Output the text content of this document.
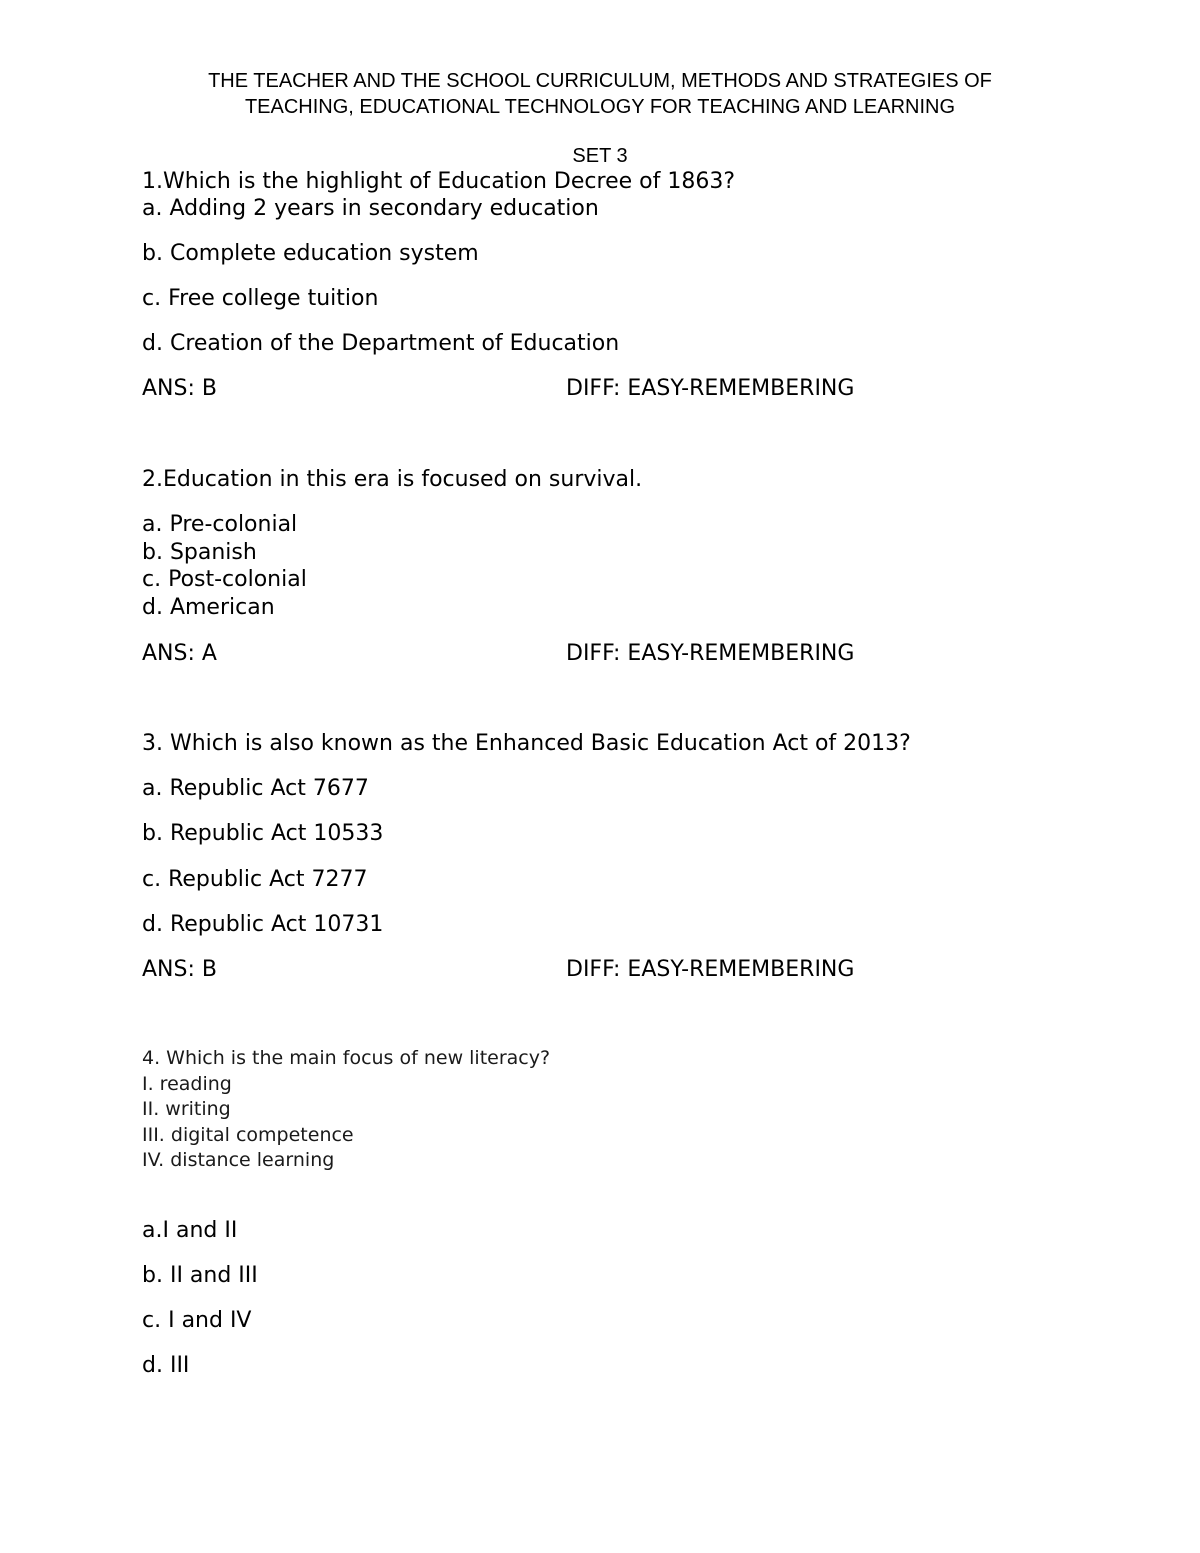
THE TEACHER AND THE SCHOOL CURRICULUM, METHODS AND STRATEGIES OF
TEACHING, EDUCATIONAL TECHNOLOGY FOR TEACHING AND LEARNING
SET 3
1.Which is the highlight of Education Decree of 1863?
a. Adding 2 years in secondary education
b. Complete education system
c. Free college tuition
d. Creation of the Department of Education
ANS: B	DIFF: EASY-REMEMBERING
2.Education in this era is focused on survival.
a. Pre-colonial
b. Spanish
c. Post-colonial
d. American
ANS: A	DIFF: EASY-REMEMBERING
3. Which is also known as the Enhanced Basic Education Act of 2013?
a. Republic Act 7677
b. Republic Act 10533
c. Republic Act 7277
d. Republic Act 10731
ANS: B	DIFF: EASY-REMEMBERING
4. Which is the main focus of new literacy?
I. reading
II. writing
III. digital competence
IV. distance learning
a.I and II
b. II and III
c. I and IV
d. III
